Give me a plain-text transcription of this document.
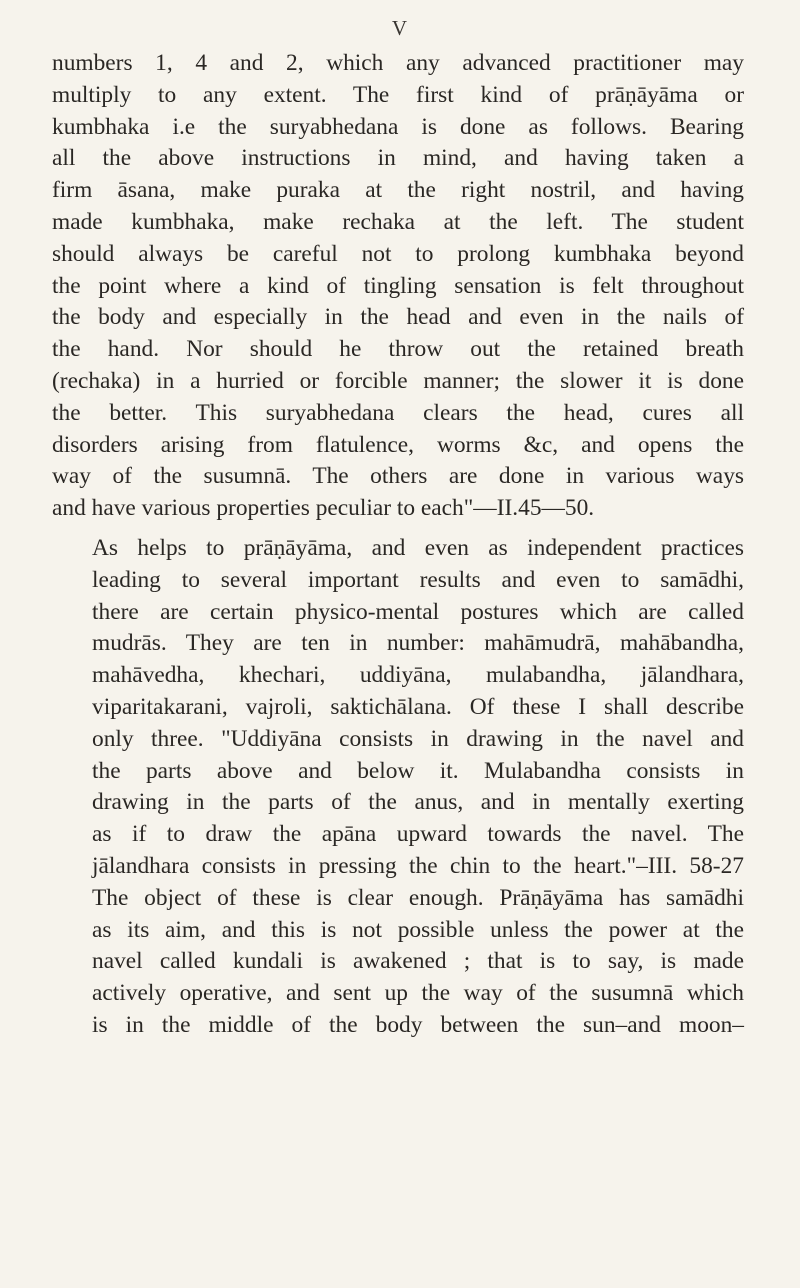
V
numbers 1, 4 and 2, which any advanced practitioner may
multiply to any extent. The first kind of prāṇāyāma or
kumbhaka i.e the suryabhedana is done as follows. Bearing
all the above instructions in mind, and having taken a
firm āsana, make puraka at the right nostril, and having
made kumbhaka, make rechaka at the left. The student
should always be careful not to prolong kumbhaka beyond
the point where a kind of tingling sensation is felt throughout
the body and especially in the head and even in the nails of
the hand. Nor should he throw out the retained breath
(rechaka) in a hurried or forcible manner; the slower it is done
the better. This suryabhedana clears the head, cures all
disorders arising from flatulence, worms &c, and opens the
way of the susumnā. The others are done in various ways
and have various properties peculiar to each"—II.45—50.
As helps to prāṇāyāma, and even as independent practices
leading to several important results and even to samādhi,
there are certain physico-mental postures which are called
mudrās. They are ten in number: mahāmudrā, mahābandha,
mahāvedha, khechari, uddiyāna, mulabandha, jālandhara,
viparitakarani, vajroli, saktichālana. Of these I shall describe
only three. "Uddiyāna consists in drawing in the navel and
the parts above and below it. Mulabandha consists in
drawing in the parts of the anus, and in mentally exerting
as if to draw the apāna upward towards the navel. The
jālandhara consists in pressing the chin to the heart."–III. 58-27
The object of these is clear enough. Prāṇāyāma has samādhi
as its aim, and this is not possible unless the power at the
navel called kundali is awakened ; that is to say, is made
actively operative, and sent up the way of the susumnā which
is in the middle of the body between the sun–and moon–
